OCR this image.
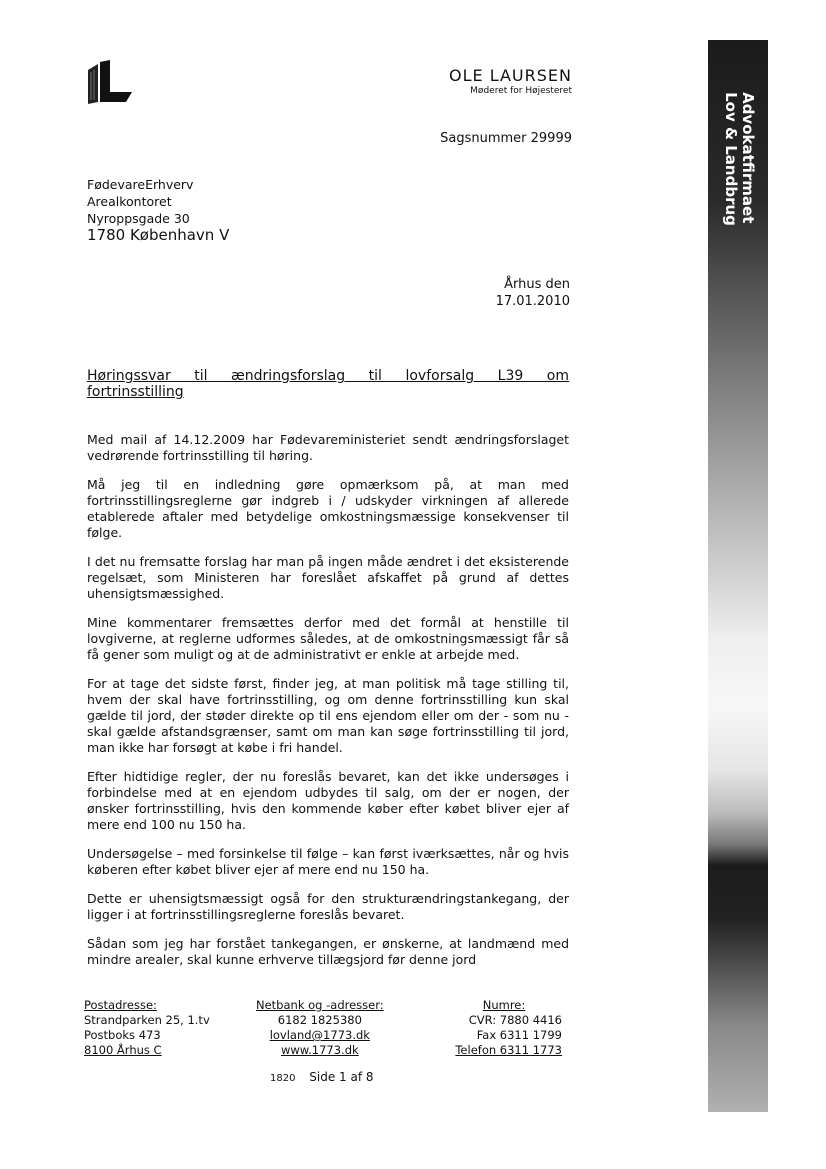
OLE LAURSEN
Møderet for Højesteret
Sagsnummer 29999
FødevareErhverv
Arealkontoret
Nyroppsgade 30
1780 København V
Århus den
17.01.2010
Høringssvar til ændringsforslag til lovforsalg L39 om
fortrinsstilling

Med mail af 14.12.2009 har Fødevareministeriet sendt ændringsforslaget vedrørende fortrinsstilling til høring.

Må jeg til en indledning gøre opmærksom på, at man med fortrinsstillingsreglerne gør indgreb i / udskyder virkningen af allerede etablerede aftaler med betydelige omkostningsmæssige konsekvenser til følge.

I det nu fremsatte forslag har man på ingen måde ændret i det eksisterende regelsæt, som Ministeren har foreslået afskaffet på grund af dettes uhensigtsmæssighed.

Mine kommentarer fremsættes derfor med det formål at henstille til lovgiverne, at reglerne udformes således, at de omkostningsmæssigt får så få gener som muligt og at de administrativt er enkle at arbejde med.

For at tage det sidste først, finder jeg, at man politisk må tage stilling til, hvem der skal have fortrinsstilling, og om denne fortrinsstilling kun skal gælde til jord, der støder direkte op til ens ejendom eller om der - som nu - skal gælde afstandsgrænser, samt om man kan søge fortrinsstilling til jord, man ikke har forsøgt at købe i fri handel.

Efter hidtidige regler, der nu foreslås bevaret, kan det ikke undersøges i forbindelse med at en ejendom udbydes til salg, om der er nogen, der ønsker fortrinsstilling, hvis den kommende køber efter købet bliver ejer af mere end 100 nu 150 ha.

Undersøgelse – med forsinkelse til følge – kan først iværksættes, når og hvis køberen efter købet bliver ejer af mere end nu 150 ha.

Dette er uhensigtsmæssigt også for den strukturændringstankegang, der ligger i at fortrinsstillingsreglerne foreslås bevaret.

Sådan som jeg har forstået tankegangen, er ønskerne, at landmænd med mindre arealer, skal kunne erhverve tillægsjord før denne jord

Postadresse:
Strandparken 25, 1.tv
Postboks 473
8100 Århus C
Netbank og -adresser:
6182 1825380
lovland@1773.dk
www.1773.dk
Numre:
CVR: 7880 4416
Fax 6311 1799
Telefon 6311 1773
1820 Side 1 af 8
Advokatfirmaet
Lov & Landbrug
